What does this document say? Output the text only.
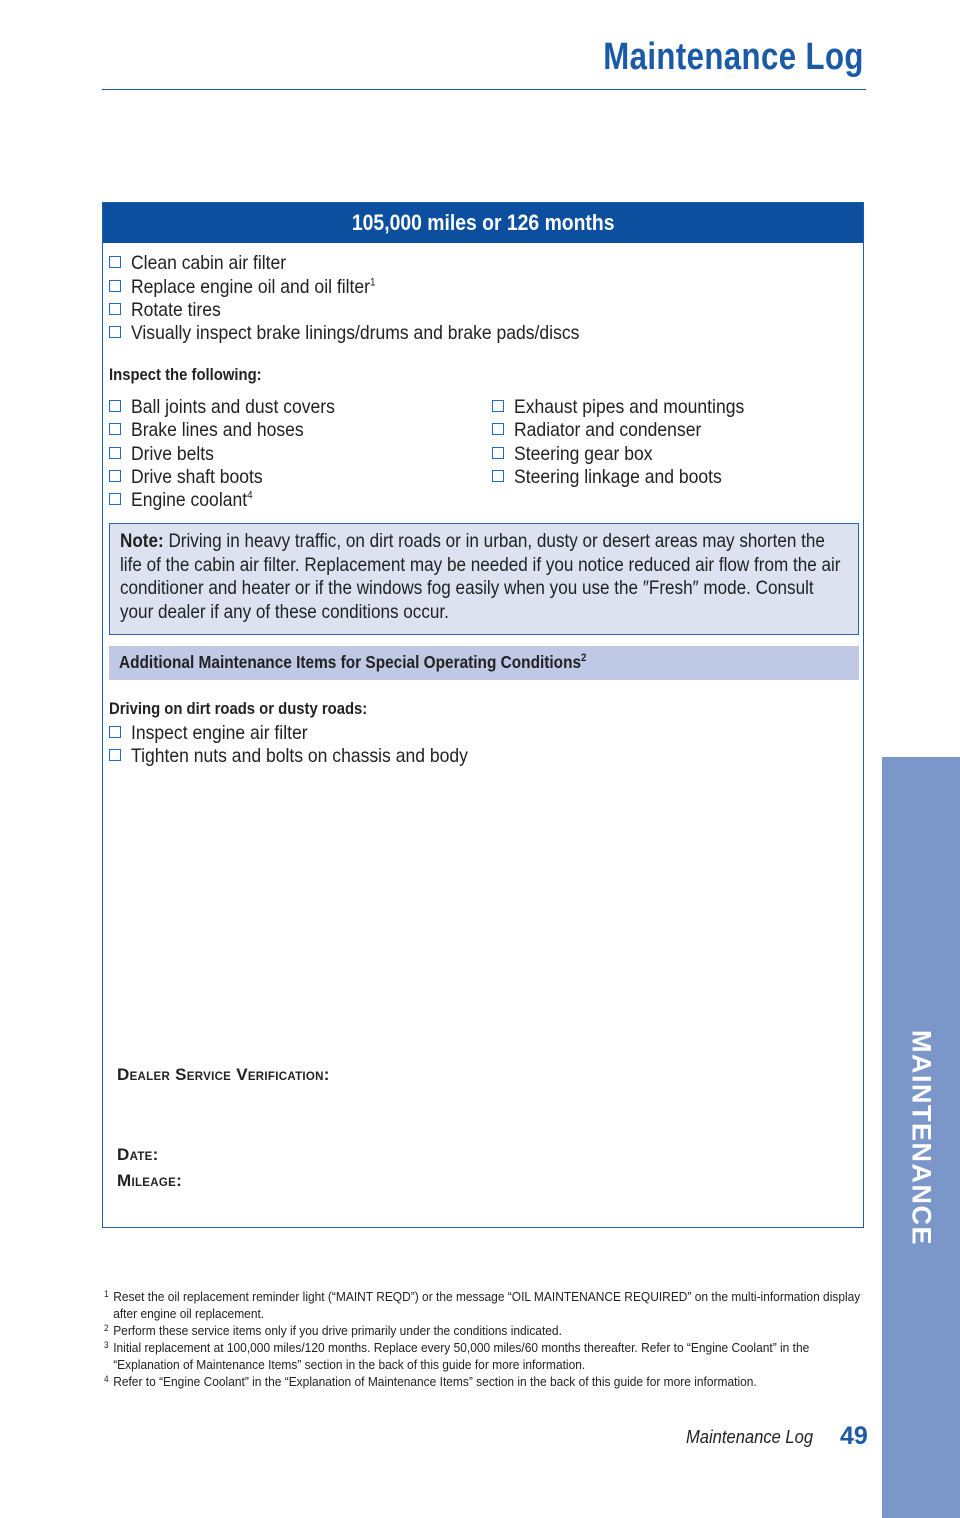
Maintenance Log
105,000 miles or 126 months
Clean cabin air filter
Replace engine oil and oil filter$^1$
Rotate tires
Visually inspect brake linings/drums and brake pads/discs
Inspect the following:
Ball joints and dust covers
Brake lines and hoses
Drive belts
Drive shaft boots
Engine coolant$^4$
Exhaust pipes and mountings
Radiator and condenser
Steering gear box
Steering linkage and boots
Note: Driving in heavy traffic, on dirt roads or in urban, dusty or desert areas may shorten the life of the cabin air filter. Replacement may be needed if you notice reduced air flow from the air conditioner and heater or if the windows fog easily when you use the ″Fresh″ mode. Consult your dealer if any of these conditions occur.
Additional Maintenance Items for Special Operating Conditions$^2$
Driving on dirt roads or dusty roads:
Inspect engine air filter
Tighten nuts and bolts on chassis and body
DEALER SERVICE VERIFICATION:
DATE:
MILEAGE:
1 Reset the oil replacement reminder light (“MAINT REQD”) or the message “OIL MAINTENANCE REQUIRED” on the multi-information display after engine oil replacement.
2 Perform these service items only if you drive primarily under the conditions indicated.
3 Initial replacement at 100,000 miles/120 months. Replace every 50,000 miles/60 months thereafter. Refer to “Engine Coolant” in the “Explanation of Maintenance Items” section in the back of this guide for more information.
4 Refer to “Engine Coolant” in the “Explanation of Maintenance Items” section in the back of this guide for more information.
Maintenance Log 49
MAINTENANCE
